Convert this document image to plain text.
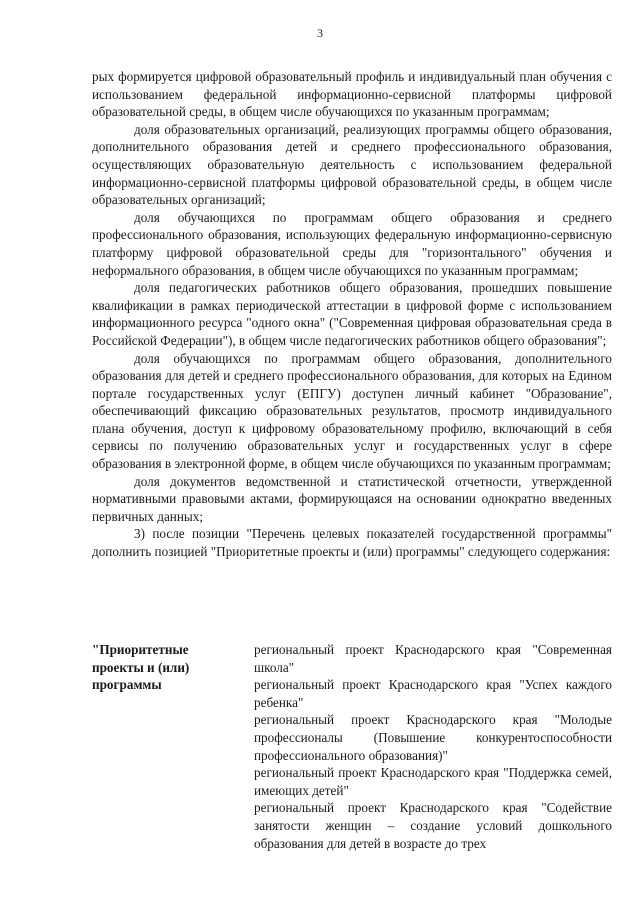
3

рых формируется цифровой образовательный профиль и индивидуальный план обучения с использованием федеральной информационно-сервисной платформы цифровой образовательной среды, в общем числе обучающихся по указанным программам;

доля образовательных организаций, реализующих программы общего образования, дополнительного образования детей и среднего профессионального образования, осуществляющих образовательную деятельность с использованием федеральной информационно-сервисной платформы цифровой образовательной среды, в общем числе образовательных организаций;

доля обучающихся по программам общего образования и среднего профессионального образования, использующих федеральную информационно-сервисную платформу цифровой образовательной среды для "горизонтального" обучения и неформального образования, в общем числе обучающихся по указанным программам;

доля педагогических работников общего образования, прошедших повышение квалификации в рамках периодической аттестации в цифровой форме с использованием информационного ресурса "одного окна" ("Современная цифровая образовательная среда в Российской Федерации"), в общем числе педагогических работников общего образования";

доля обучающихся по программам общего образования, дополнительного образования для детей и среднего профессионального образования, для которых на Едином портале государственных услуг (ЕПГУ) доступен личный кабинет "Образование", обеспечивающий фиксацию образовательных результатов, просмотр индивидуального плана обучения, доступ к цифровому образовательному профилю, включающий в себя сервисы по получению образовательных услуг и государственных услуг в сфере образования в электронной форме, в общем числе обучающихся по указанным программам;

доля документов ведомственной и статистической отчетности, утвержденной нормативными правовыми актами, формирующаяся на основании однократно введенных первичных данных;

3) после позиции "Перечень целевых показателей государственной программы" дополнить позицией "Приоритетные проекты и (или) программы" следующего содержания:

"Приоритетные
проекты и (или)
программы
региональный проект Краснодарского края "Современная школа"
региональный проект Краснодарского края "Успех каждого ребенка"
региональный проект Краснодарского края "Молодые профессионалы (Повышение конкурентоспособности профессионального образования)"
региональный проект Краснодарского края "Поддержка семей, имеющих детей"
региональный проект Краснодарского края "Содействие занятости женщин – создание условий дошкольного образования для детей в возрасте до трех
